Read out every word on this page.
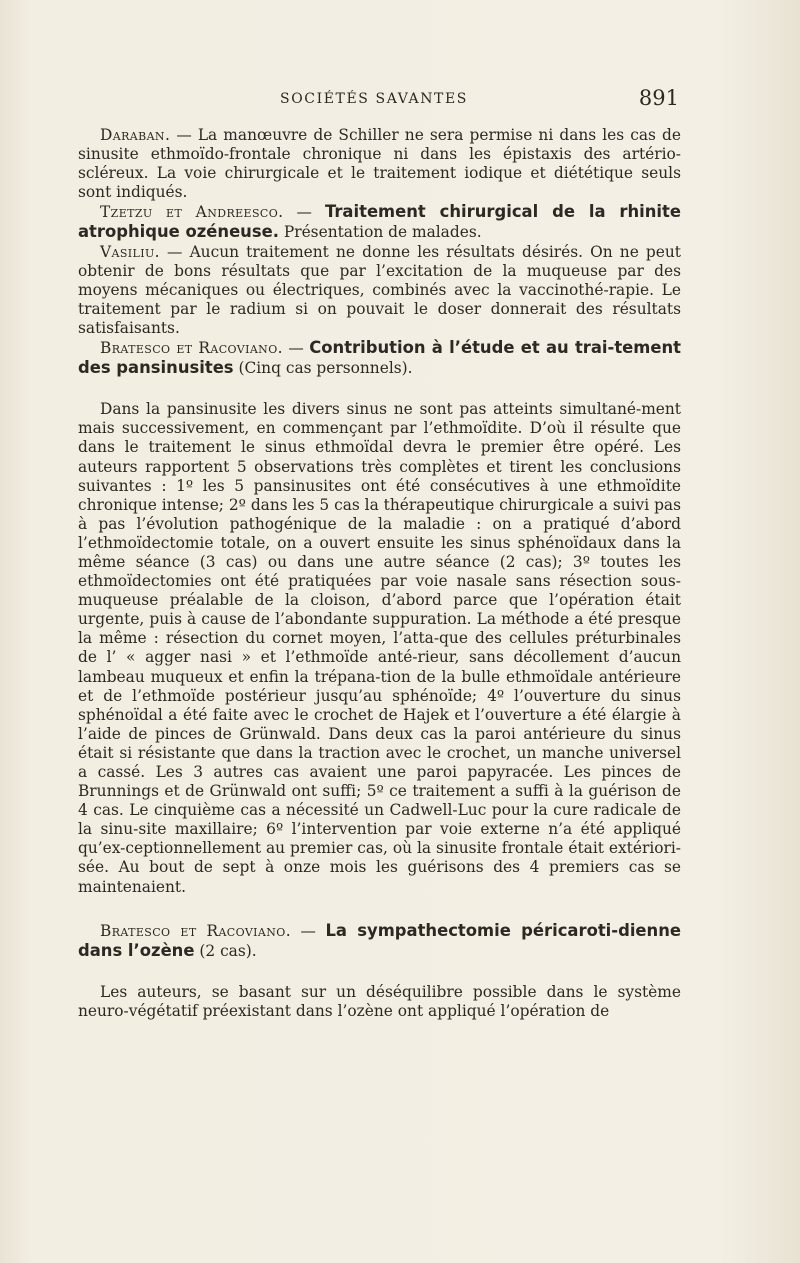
SOCIÉTÉS SAVANTES	891

Daraban. — La manœuvre de Schiller ne sera permise ni dans les cas de sinusite ethmoïdo-frontale chronique ni dans les épistaxis des artério-scléreux. La voie chirurgicale et le traitement iodique et diététique seuls sont indiqués.

Tzetzu et Andreesco. — Traitement chirurgical de la rhinite atrophique ozéneuse. Présentation de malades.

Vasiliu. — Aucun traitement ne donne les résultats désirés. On ne peut obtenir de bons résultats que par l’excitation de la muqueuse par des moyens mécaniques ou électriques, combinés avec la vaccinothé-rapie. Le traitement par le radium si on pouvait le doser donnerait des résultats satisfaisants.

Bratesco et Racoviano. — Contribution à l’étude et au trai-tement des pansinusites (Cinq cas personnels).

Dans la pansinusite les divers sinus ne sont pas atteints simultané-ment mais successivement, en commençant par l’ethmoïdite. D’où il résulte que dans le traitement le sinus ethmoïdal devra le premier être opéré. Les auteurs rapportent 5 observations très complètes et tirent les conclusions suivantes : 1º les 5 pansinusites ont été consécutives à une ethmoïdite chronique intense; 2º dans les 5 cas la thérapeutique chirurgicale a suivi pas à pas l’évolution pathogénique de la maladie : on a pratiqué d’abord l’ethmoïdectomie totale, on a ouvert ensuite les sinus sphénoïdaux dans la même séance (3 cas) ou dans une autre séance (2 cas); 3º toutes les ethmoïdectomies ont été pratiquées par voie nasale sans résection sous-muqueuse préalable de la cloison, d’abord parce que l’opération était urgente, puis à cause de l’abondante suppuration. La méthode a été presque la même : résection du cornet moyen, l’atta-que des cellules préturbinales de l’ « agger nasi » et l’ethmoïde anté-rieur, sans décollement d’aucun lambeau muqueux et enfin la trépana-tion de la bulle ethmoïdale antérieure et de l’ethmoïde postérieur jusqu’au sphénoïde; 4º l’ouverture du sinus sphénoïdal a été faite avec le crochet de Hajek et l’ouverture a été élargie à l’aide de pinces de Grünwald. Dans deux cas la paroi antérieure du sinus était si résistante que dans la traction avec le crochet, un manche universel a cassé. Les 3 autres cas avaient une paroi papyracée. Les pinces de Brunnings et de Grünwald ont suffi; 5º ce traitement a suffi à la guérison de 4 cas. Le cinquième cas a nécessité un Cadwell-Luc pour la cure radicale de la sinu-site maxillaire; 6º l’intervention par voie externe n’a été appliqué qu’ex-ceptionnellement au premier cas, où la sinusite frontale était extériori-sée. Au bout de sept à onze mois les guérisons des 4 premiers cas se maintenaient.

Bratesco et Racoviano. — La sympathectomie péricaroti-dienne dans l’ozène (2 cas).

Les auteurs, se basant sur un déséquilibre possible dans le système neuro-végétatif préexistant dans l’ozène ont appliqué l’opération de
